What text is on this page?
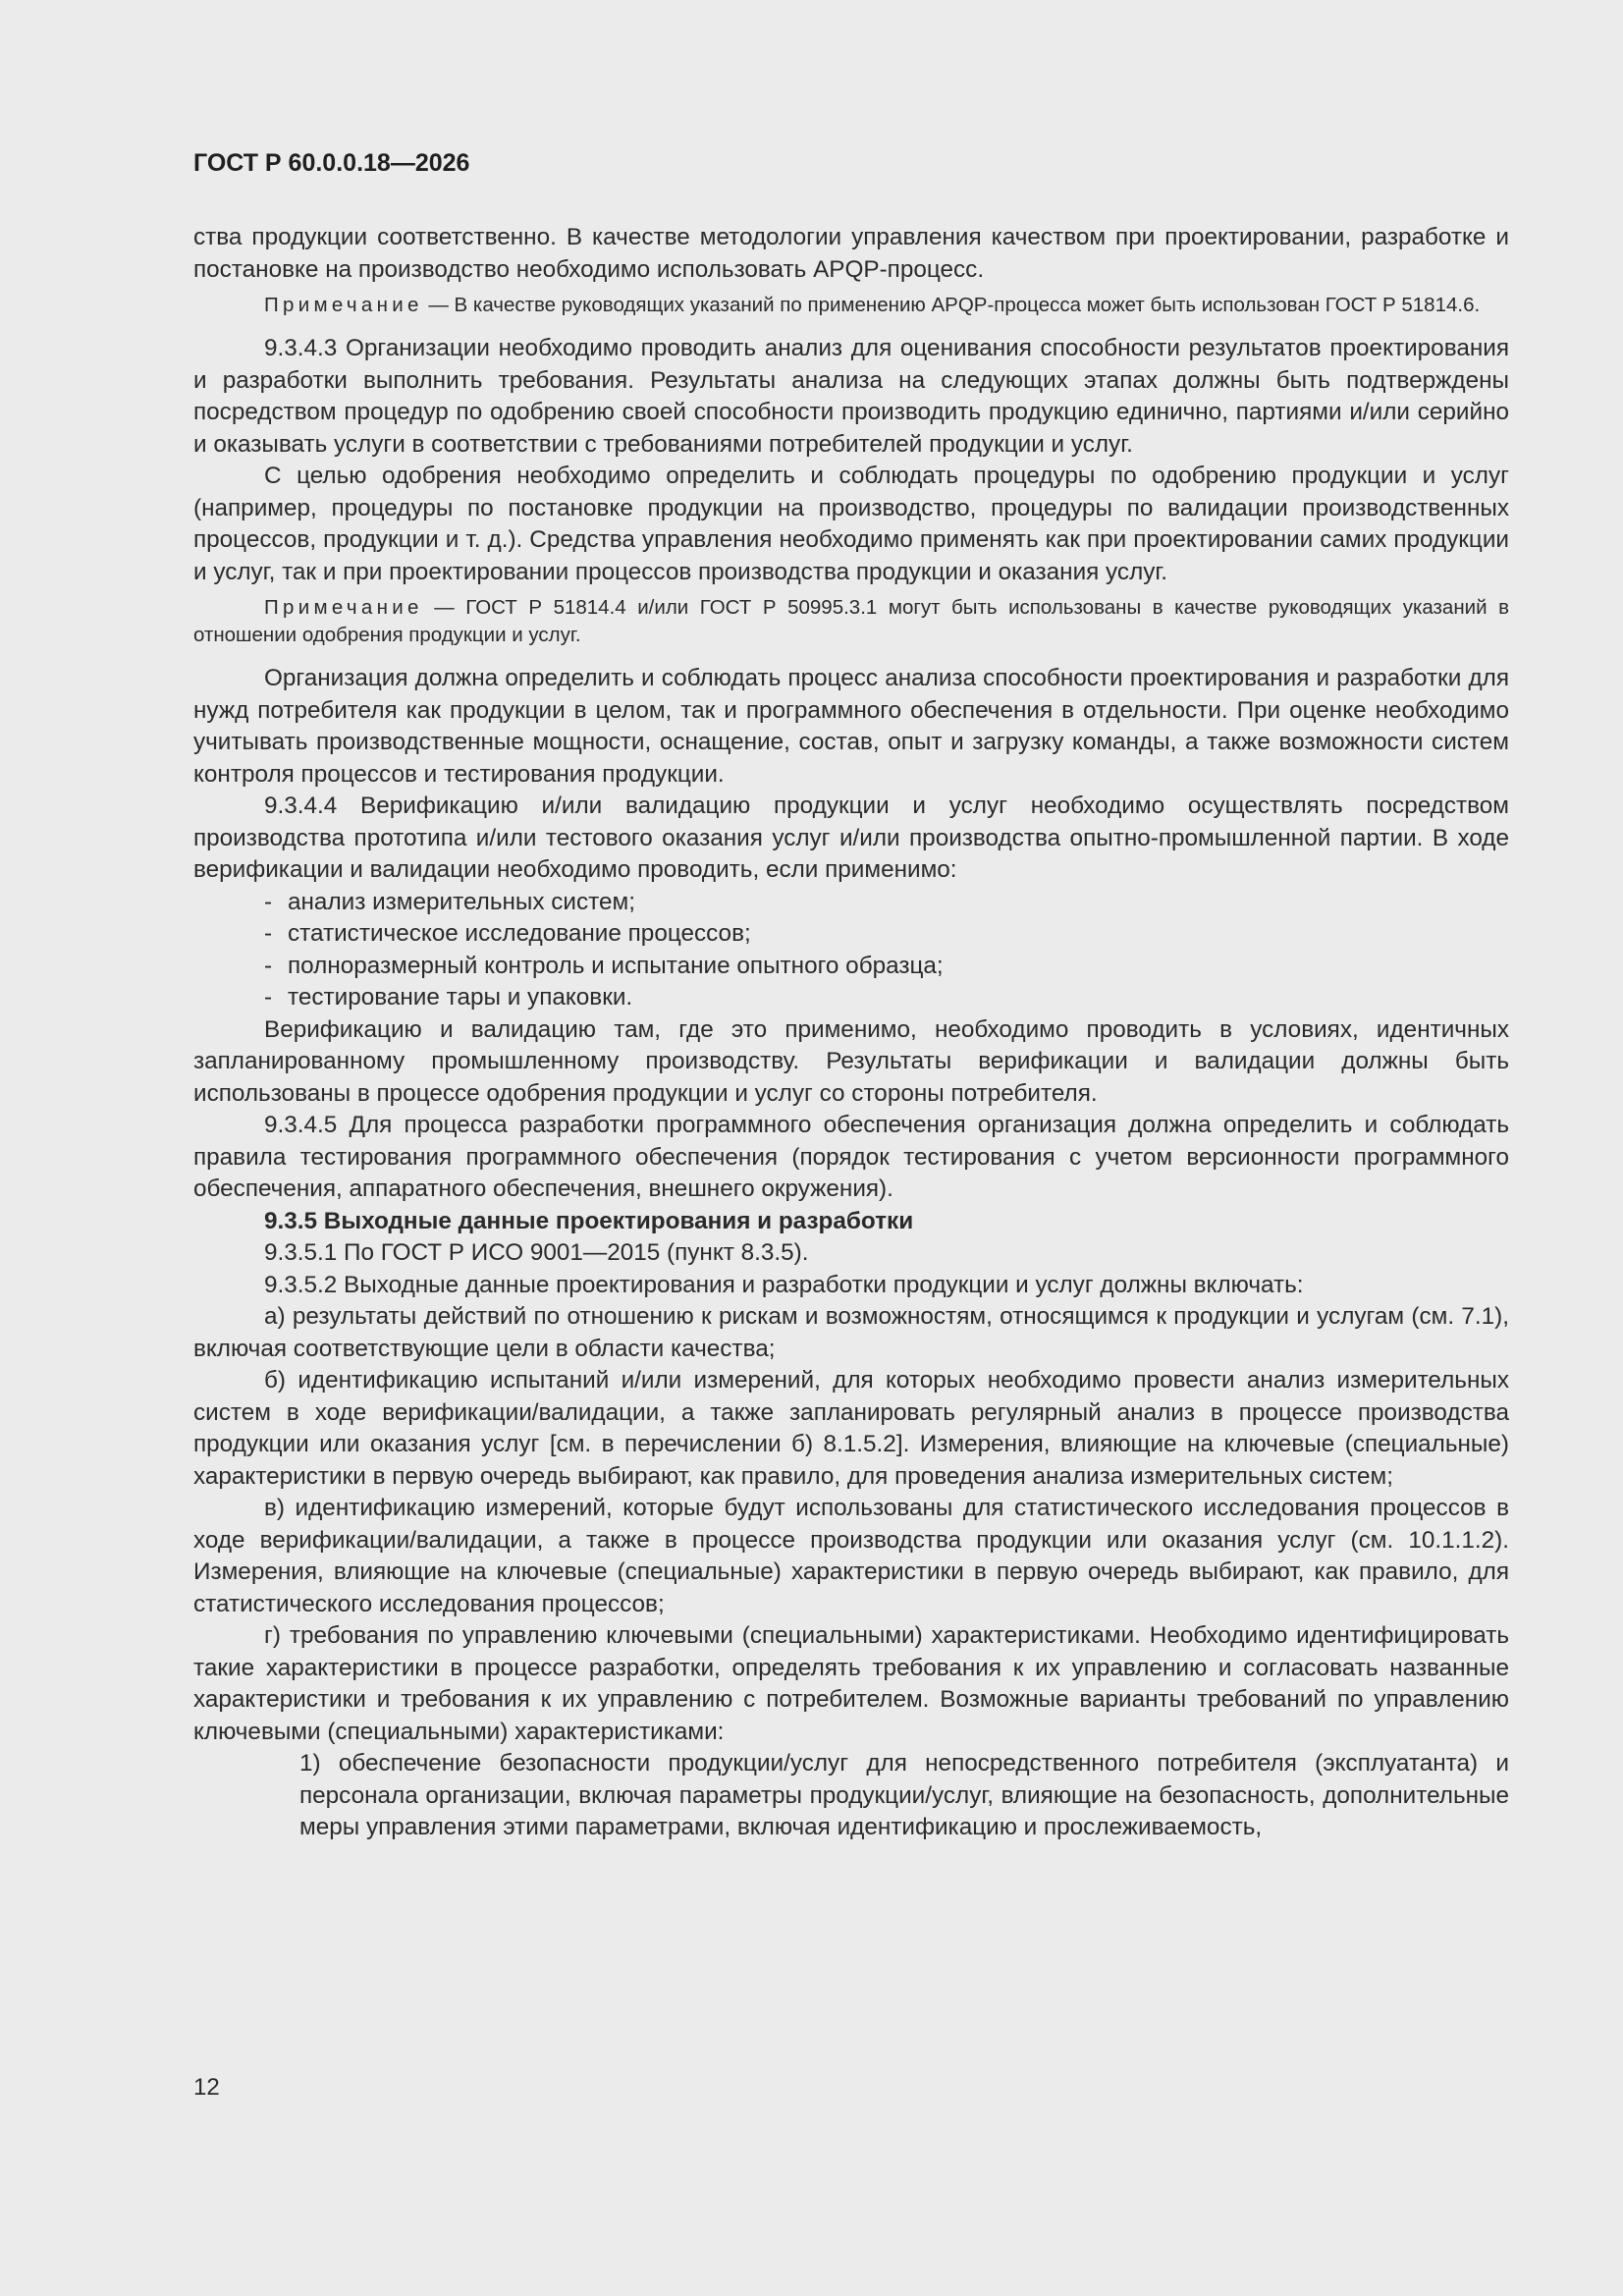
ГОСТ Р 60.0.0.18—2026

ства продукции соответственно. В качестве методологии управления качеством при проектировании, разработке и постановке на производство необходимо использовать APQP-процесс.

Примечание — В качестве руководящих указаний по применению APQP-процесса может быть использован ГОСТ Р 51814.6.

9.3.4.3 Организации необходимо проводить анализ для оценивания способности результатов проектирования и разработки выполнить требования. Результаты анализа на следующих этапах должны быть подтверждены посредством процедур по одобрению своей способности производить продукцию единично, партиями и/или серийно и оказывать услуги в соответствии с требованиями потребителей продукции и услуг.

С целью одобрения необходимо определить и соблюдать процедуры по одобрению продукции и услуг (например, процедуры по постановке продукции на производство, процедуры по валидации производственных процессов, продукции и т. д.). Средства управления необходимо применять как при проектировании самих продукции и услуг, так и при проектировании процессов производства продукции и оказания услуг.

Примечание — ГОСТ Р 51814.4 и/или ГОСТ Р 50995.3.1 могут быть использованы в качестве руководящих указаний в отношении одобрения продукции и услуг.

Организация должна определить и соблюдать процесс анализа способности проектирования и разработки для нужд потребителя как продукции в целом, так и программного обеспечения в отдельности. При оценке необходимо учитывать производственные мощности, оснащение, состав, опыт и загрузку команды, а также возможности систем контроля процессов и тестирования продукции.

9.3.4.4 Верификацию и/или валидацию продукции и услуг необходимо осуществлять посредством производства прототипа и/или тестового оказания услуг и/или производства опытно-промышленной партии. В ходе верификации и валидации необходимо проводить, если применимо:

- анализ измерительных систем;

- статистическое исследование процессов;

- полноразмерный контроль и испытание опытного образца;

- тестирование тары и упаковки.

Верификацию и валидацию там, где это применимо, необходимо проводить в условиях, идентичных запланированному промышленному производству. Результаты верификации и валидации должны быть использованы в процессе одобрения продукции и услуг со стороны потребителя.

9.3.4.5 Для процесса разработки программного обеспечения организация должна определить и соблюдать правила тестирования программного обеспечения (порядок тестирования с учетом версионности программного обеспечения, аппаратного обеспечения, внешнего окружения).

9.3.5 Выходные данные проектирования и разработки

9.3.5.1 По ГОСТ Р ИСО 9001—2015 (пункт 8.3.5).

9.3.5.2 Выходные данные проектирования и разработки продукции и услуг должны включать:

а) результаты действий по отношению к рискам и возможностям, относящимся к продукции и услугам (см. 7.1), включая соответствующие цели в области качества;

б) идентификацию испытаний и/или измерений, для которых необходимо провести анализ измерительных систем в ходе верификации/валидации, а также запланировать регулярный анализ в процессе производства продукции или оказания услуг [см. в перечислении б) 8.1.5.2]. Измерения, влияющие на ключевые (специальные) характеристики в первую очередь выбирают, как правило, для проведения анализа измерительных систем;

в) идентификацию измерений, которые будут использованы для статистического исследования процессов в ходе верификации/валидации, а также в процессе производства продукции или оказания услуг (см. 10.1.1.2). Измерения, влияющие на ключевые (специальные) характеристики в первую очередь выбирают, как правило, для статистического исследования процессов;

г) требования по управлению ключевыми (специальными) характеристиками. Необходимо идентифицировать такие характеристики в процессе разработки, определять требования к их управлению и согласовать названные характеристики и требования к их управлению с потребителем. Возможные варианты требований по управлению ключевыми (специальными) характеристиками:

1) обеспечение безопасности продукции/услуг для непосредственного потребителя (эксплуатанта) и персонала организации, включая параметры продукции/услуг, влияющие на безопасность, дополнительные меры управления этими параметрами, включая идентификацию и прослеживаемость,

12
